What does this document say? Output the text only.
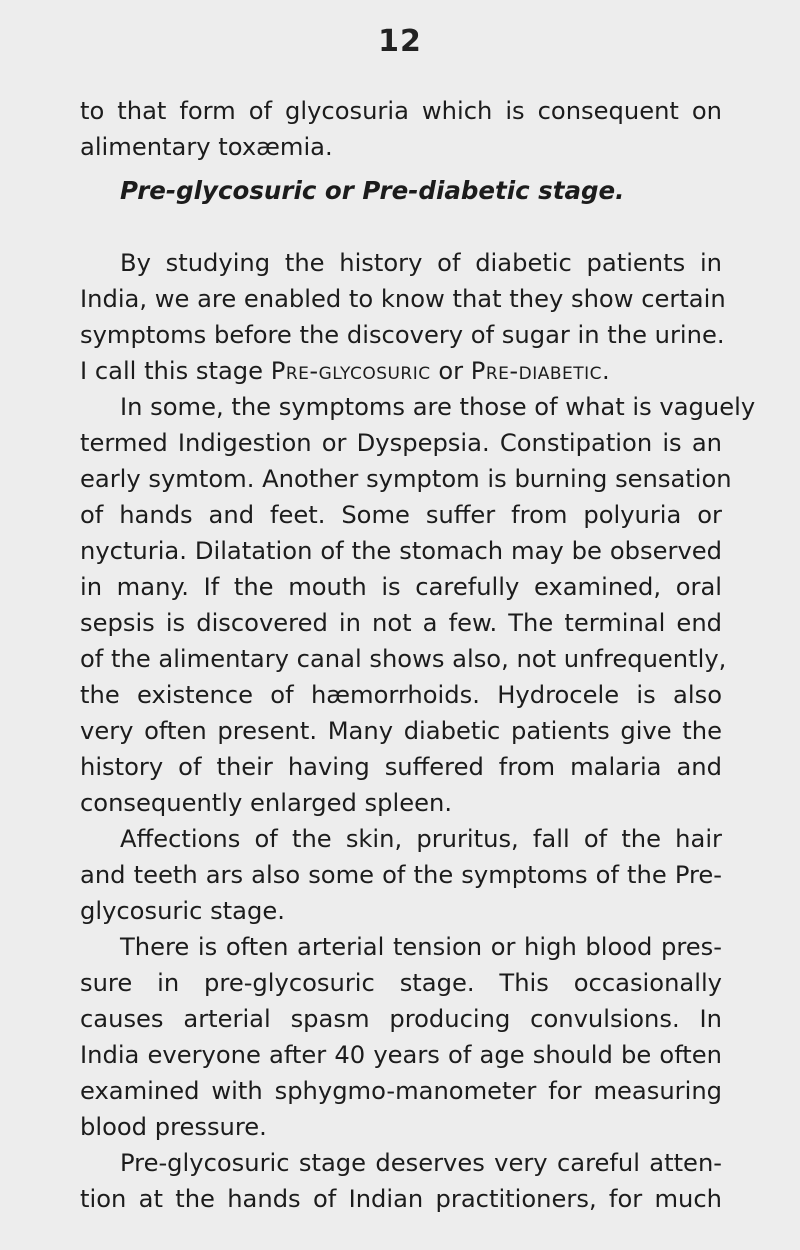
12
to that form of glycosuria which is consequent on
alimentary toxæmia.
Pre-glycosuric or Pre-diabetic stage.
By studying the history of diabetic patients in
India, we are enabled to know that they show certain
symptoms before the discovery of sugar in the urine.
I call this stage Pre-glycosuric or Pre-diabetic.
In some, the symptoms are those of what is vaguely
termed Indigestion or Dyspepsia. Constipation is an
early symtom. Another symptom is burning sensation
of hands and feet. Some suffer from polyuria or
nycturia. Dilatation of the stomach may be observed
in many. If the mouth is carefully examined, oral
sepsis is discovered in not a few. The terminal end
of the alimentary canal shows also, not unfrequently,
the existence of hæmorrhoids. Hydrocele is also
very often present. Many diabetic patients give the
history of their having suffered from malaria and
consequently enlarged spleen.
Affections of the skin, pruritus, fall of the hair
and teeth ars also some of the symptoms of the Pre-
glycosuric stage.
There is often arterial tension or high blood pres-
sure in pre-glycosuric stage. This occasionally
causes arterial spasm producing convulsions. In
India everyone after 40 years of age should be often
examined with sphygmo-manometer for measuring
blood pressure.
Pre-glycosuric stage deserves very careful atten-
tion at the hands of Indian practitioners, for much
